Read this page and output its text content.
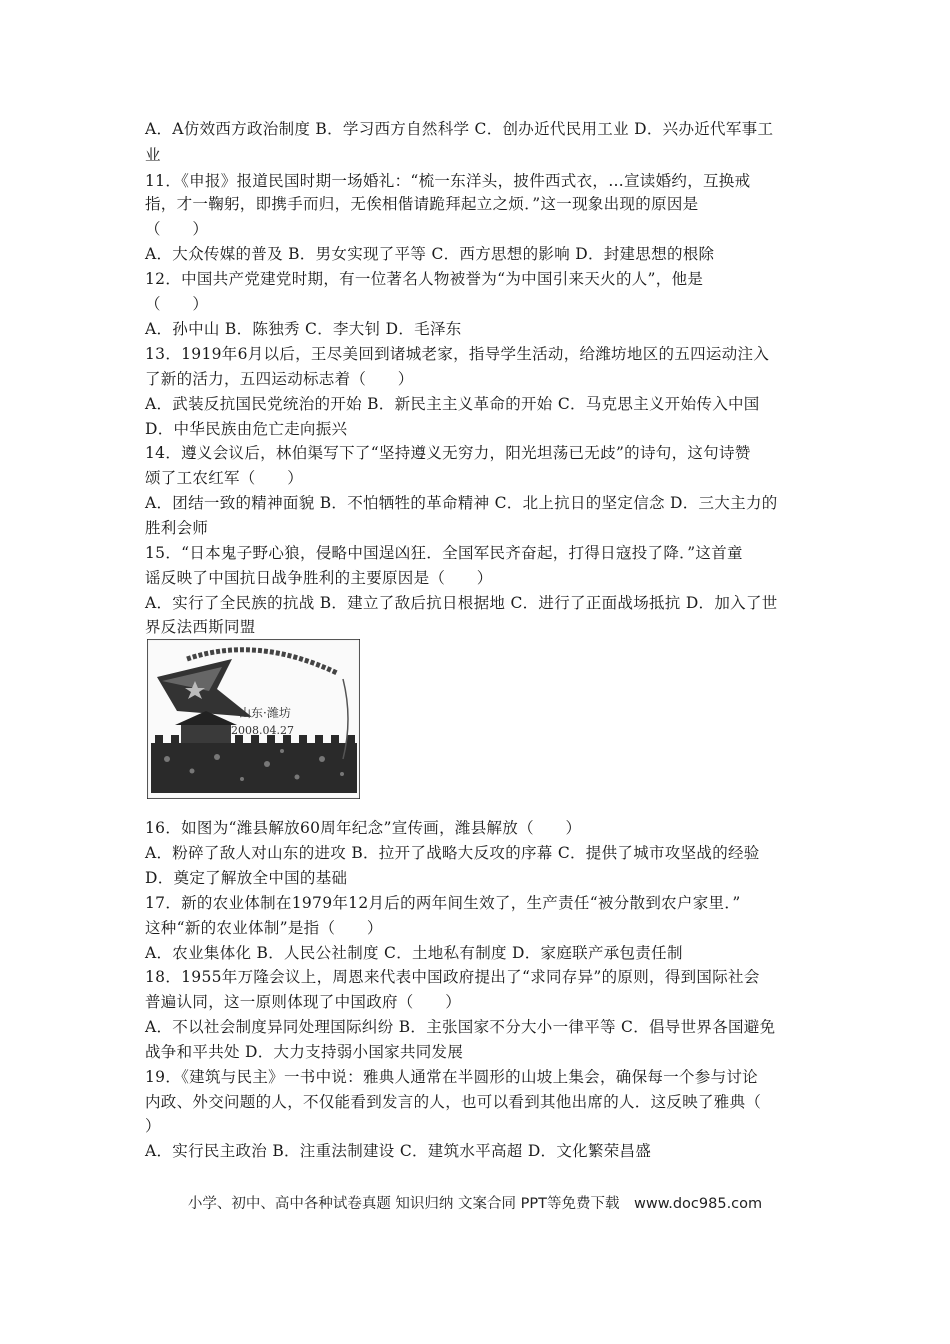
A．A仿效西方政治制度 B．学习西方自然科学 C．创办近代民用工业 D．兴办近代军事工
业
11．《申报》报道民国时期一场婚礼：“梳一东洋头，披件西式衣，…宣读婚约，互换戒
指，才一鞠躬，即携手而归，无俟相偕请跪拜起立之烦．”这一现象出现的原因是
（　　）
A．大众传媒的普及 B．男女实现了平等 C．西方思想的影响 D．封建思想的根除
12．中国共产党建党时期，有一位著名人物被誉为“为中国引来天火的人”，他是
（　　）
A．孙中山 B．陈独秀 C．李大钊 D．毛泽东
13．1919年6月以后，王尽美回到诸城老家，指导学生活动，给潍坊地区的五四运动注入
了新的活力，五四运动标志着（　　）
A．武装反抗国民党统治的开始 B．新民主主义革命的开始 C．马克思主义开始传入中国
D．中华民族由危亡走向振兴
14．遵义会议后，林伯渠写下了“坚持遵义无穷力，阳光坦荡已无歧”的诗句，这句诗赞
颂了工农红军（　　）
A．团结一致的精神面貌 B．不怕牺牲的革命精神 C．北上抗日的坚定信念 D．三大主力的
胜利会师
15．“日本鬼子野心狼，侵略中国逞凶狂．全国军民齐奋起，打得日寇投了降．”这首童
谣反映了中国抗日战争胜利的主要原因是（　　）
A．实行了全民族的抗战 B．建立了敌后抗日根据地 C．进行了正面战场抵抗 D．加入了世
界反法西斯同盟
山东·潍坊
2008.04.27
16．如图为“潍县解放60周年纪念”宣传画，潍县解放（　　）
A．粉碎了敌人对山东的进攻 B．拉开了战略大反攻的序幕 C．提供了城市攻坚战的经验
D．奠定了解放全中国的基础
17．新的农业体制在1979年12月后的两年间生效了，生产责任“被分散到农户家里．”
这种“新的农业体制”是指（　　）
A．农业集体化 B．人民公社制度 C．土地私有制度 D．家庭联产承包责任制
18．1955年万隆会议上，周恩来代表中国政府提出了“求同存异”的原则，得到国际社会
普遍认同，这一原则体现了中国政府（　　）
A．不以社会制度异同处理国际纠纷 B．主张国家不分大小一律平等 C．倡导世界各国避免
战争和平共处 D．大力支持弱小国家共同发展
19．《建筑与民主》一书中说：雅典人通常在半圆形的山坡上集会，确保每一个参与讨论
内政、外交问题的人，不仅能看到发言的人，也可以看到其他出席的人．这反映了雅典（
）
A．实行民主政治 B．注重法制建设 C．建筑水平高超 D．文化繁荣昌盛
小学、初中、高中各种试卷真题 知识归纳 文案合同 PPT等免费下载　www.doc985.com
